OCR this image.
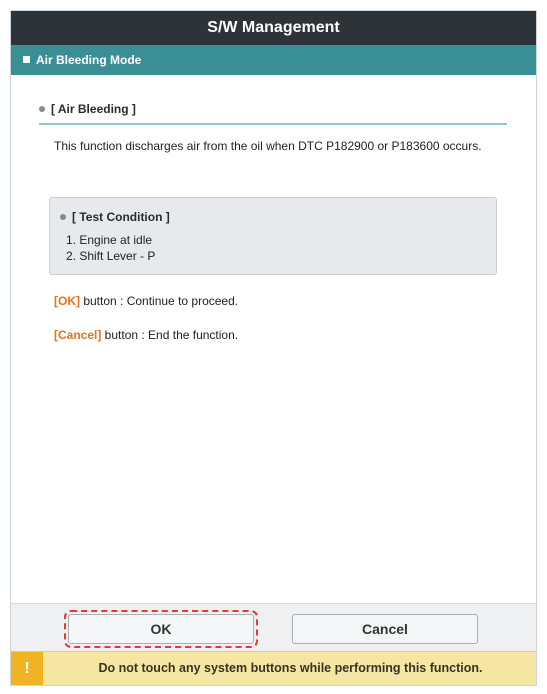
S/W Management
Air Bleeding Mode
[ Air Bleeding ]
This function discharges air from the oil when DTC P182900 or P183600 occurs.
[ Test Condition ]
1. Engine at idle
2. Shift Lever - P
[OK] button : Continue to proceed.
[Cancel] button : End the function.
OK	Cancel
!	Do not touch any system buttons while performing this function.
